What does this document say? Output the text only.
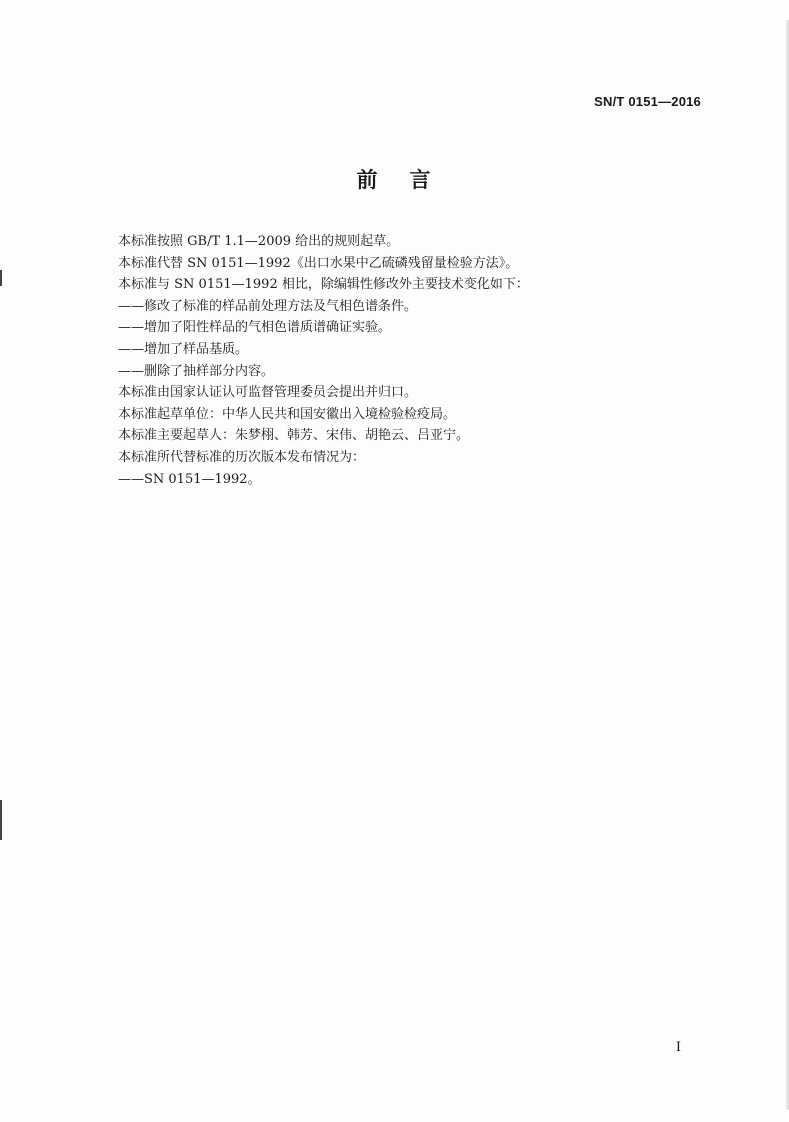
SN/T 0151—2016
前 言
本标准按照 GB/T 1.1—2009 给出的规则起草。
本标准代替 SN 0151—1992《出口水果中乙硫磷残留量检验方法》。
本标准与 SN 0151—1992 相比，除编辑性修改外主要技术变化如下：
——修改了标准的样品前处理方法及气相色谱条件。
——增加了阳性样品的气相色谱质谱确证实验。
——增加了样品基质。
——删除了抽样部分内容。
本标准由国家认证认可监督管理委员会提出并归口。
本标准起草单位：中华人民共和国安徽出入境检验检疫局。
本标准主要起草人：朱梦栩、韩芳、宋伟、胡艳云、吕亚宁。
本标准所代替标准的历次版本发布情况为：
——SN 0151—1992。
I
